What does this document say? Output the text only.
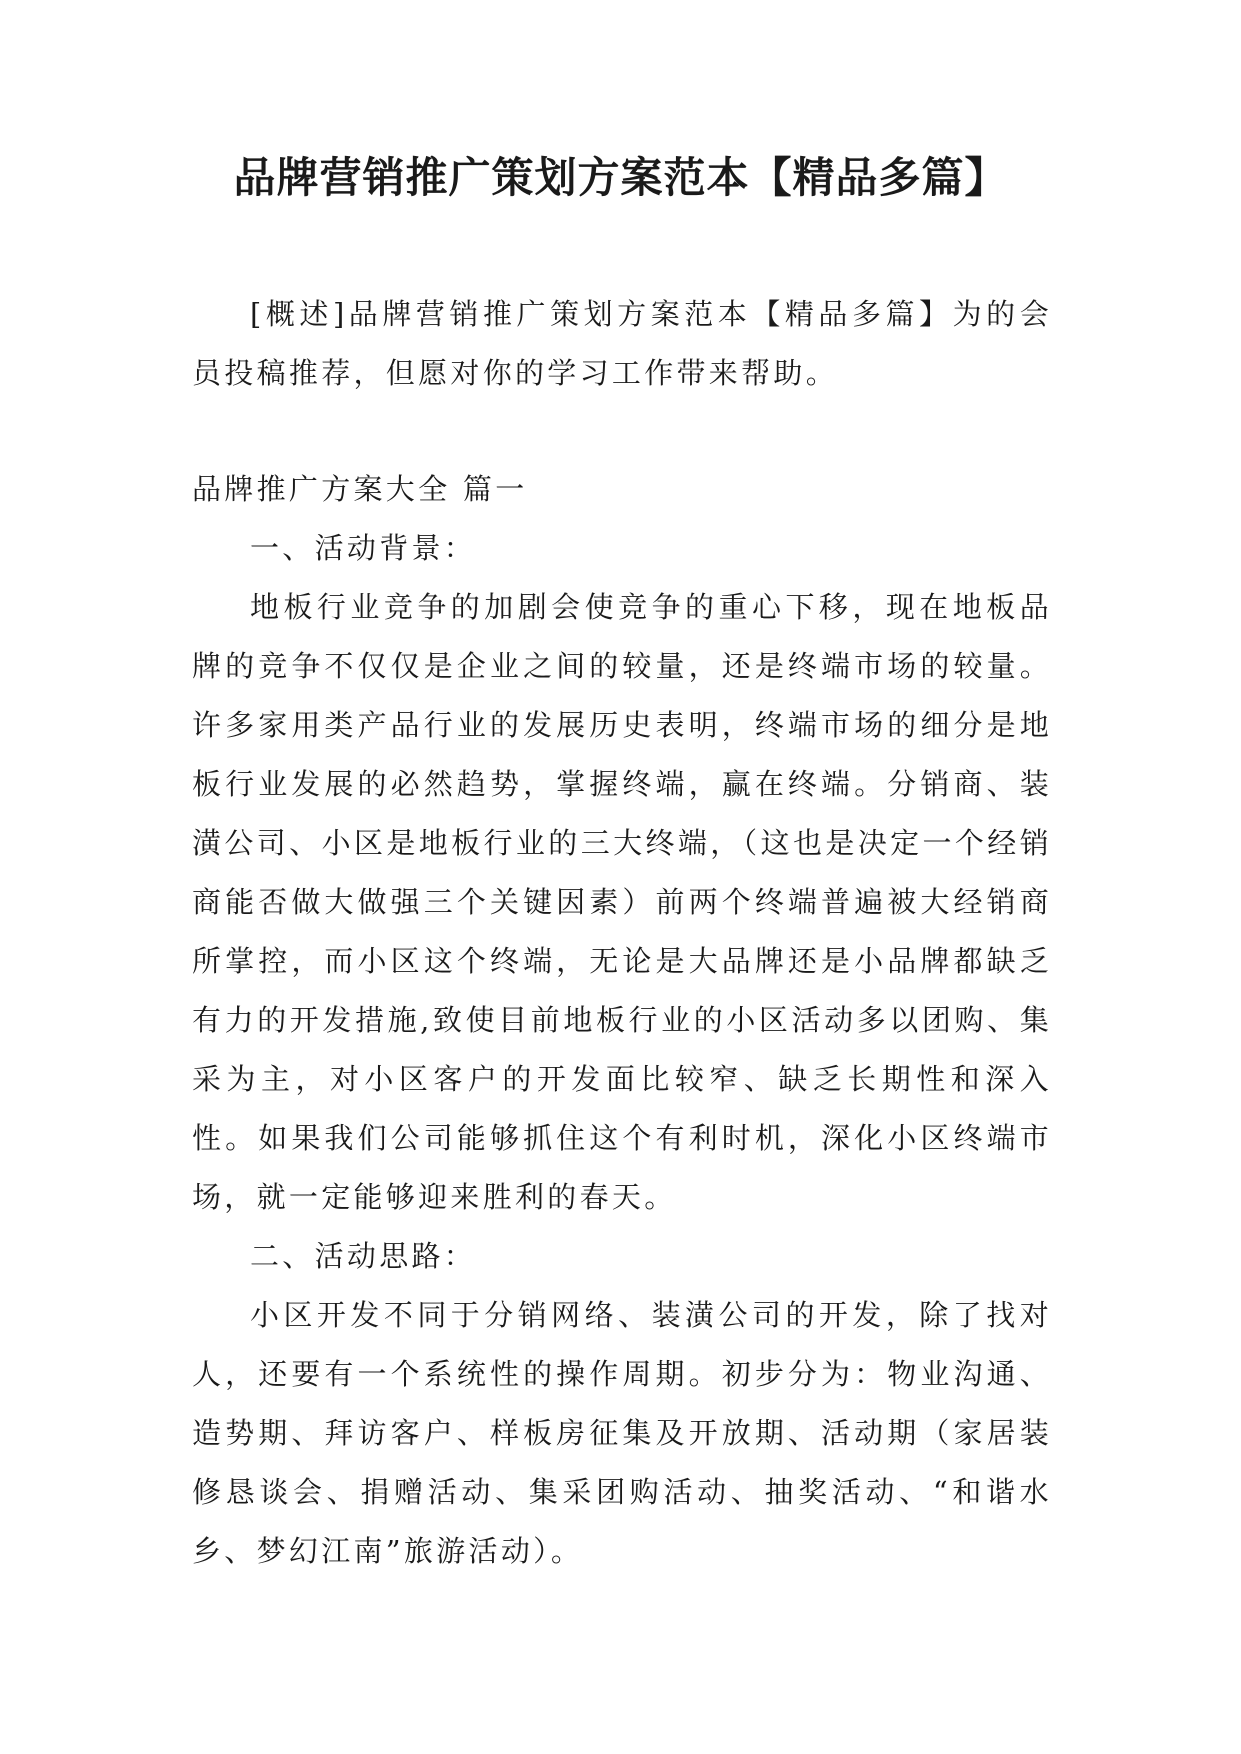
品牌营销推广策划方案范本【精品多篇】

[概述]品牌营销推广策划方案范本【精品多篇】为的会员投稿推荐，但愿对你的学习工作带来帮助。

品牌推广方案大全 篇一

一、活动背景：

地板行业竞争的加剧会使竞争的重心下移，现在地板品牌的竞争不仅仅是企业之间的较量，还是终端市场的较量。许多家用类产品行业的发展历史表明，终端市场的细分是地板行业发展的必然趋势，掌握终端，赢在终端。分销商、装潢公司、小区是地板行业的三大终端，（这也是决定一个经销商能否做大做强三个关键因素）前两个终端普遍被大经销商所掌控，而小区这个终端，无论是大品牌还是小品牌都缺乏有力的开发措施,致使目前地板行业的小区活动多以团购、集采为主，对小区客户的开发面比较窄、缺乏长期性和深入性。如果我们公司能够抓住这个有利时机，深化小区终端市场，就一定能够迎来胜利的春天。

二、活动思路：

小区开发不同于分销网络、装潢公司的开发，除了找对人，还要有一个系统性的操作周期。初步分为：物业沟通、造势期、拜访客户、样板房征集及开放期、活动期（家居装修恳谈会、捐赠活动、集采团购活动、抽奖活动、“和谐水乡、梦幻江南”旅游活动）。
